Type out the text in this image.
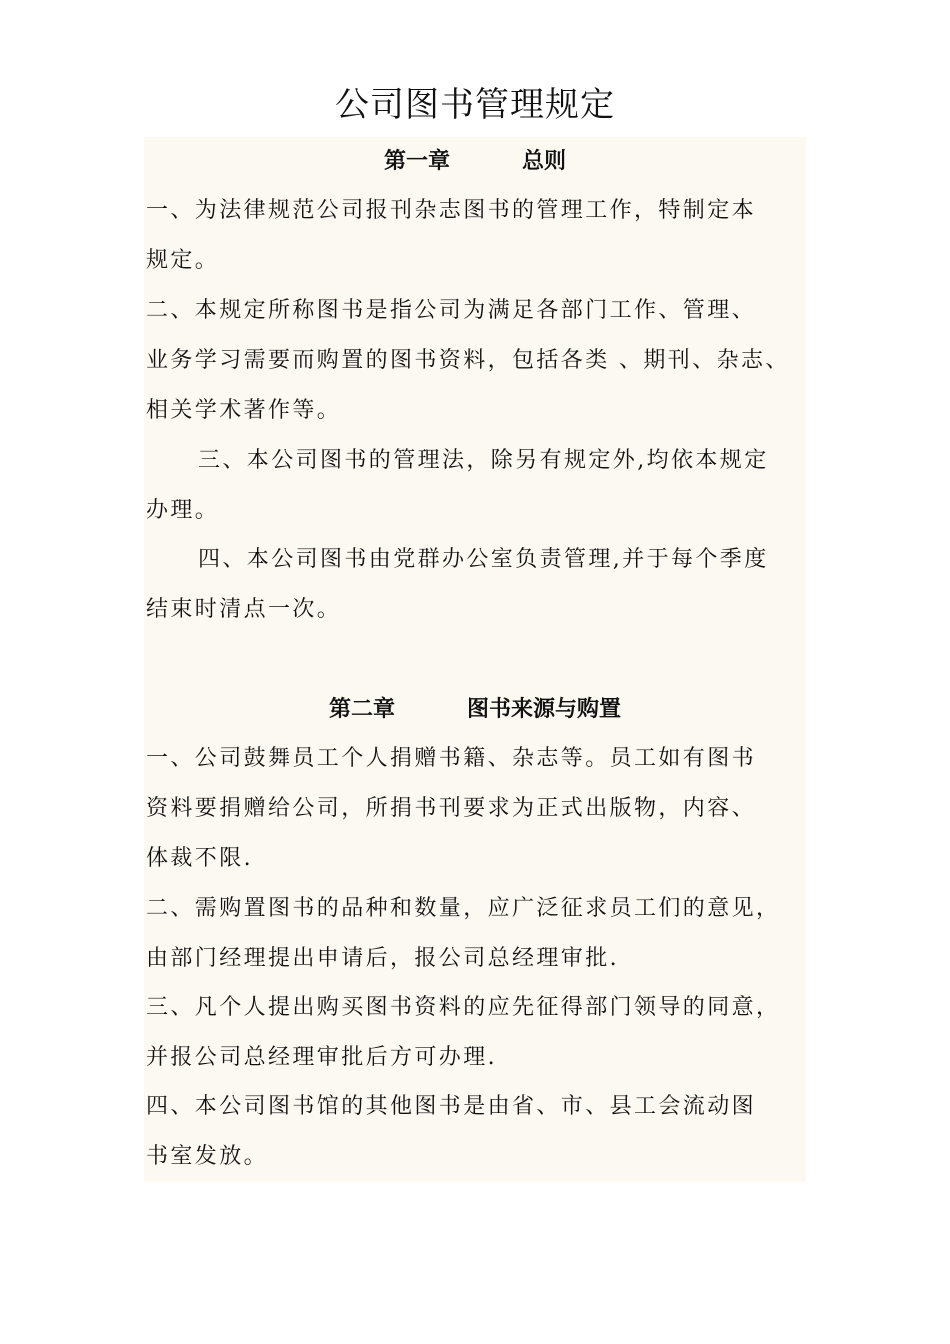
公司图书管理规定
第一章	总则

一、为法律规范公司报刊杂志图书的管理工作，特制定本
规定。

二、本规定所称图书是指公司为满足各部门工作、管理、
业务学习需要而购置的图书资料，包括各类 、期刊、杂志、
相关学术著作等。

三、本公司图书的管理法，除另有规定外,均依本规定
办理。

四、本公司图书由党群办公室负责管理,并于每个季度
结束时清点一次。

第二章	图书来源与购置

一、公司鼓舞员工个人捐赠书籍、杂志等。员工如有图书
资料要捐赠给公司，所捐书刊要求为正式出版物，内容、
体裁不限.

二、需购置图书的品种和数量，应广泛征求员工们的意见，
由部门经理提出申请后，报公司总经理审批.

三、凡个人提出购买图书资料的应先征得部门领导的同意，
并报公司总经理审批后方可办理.

四、本公司图书馆的其他图书是由省、市、县工会流动图
书室发放。
